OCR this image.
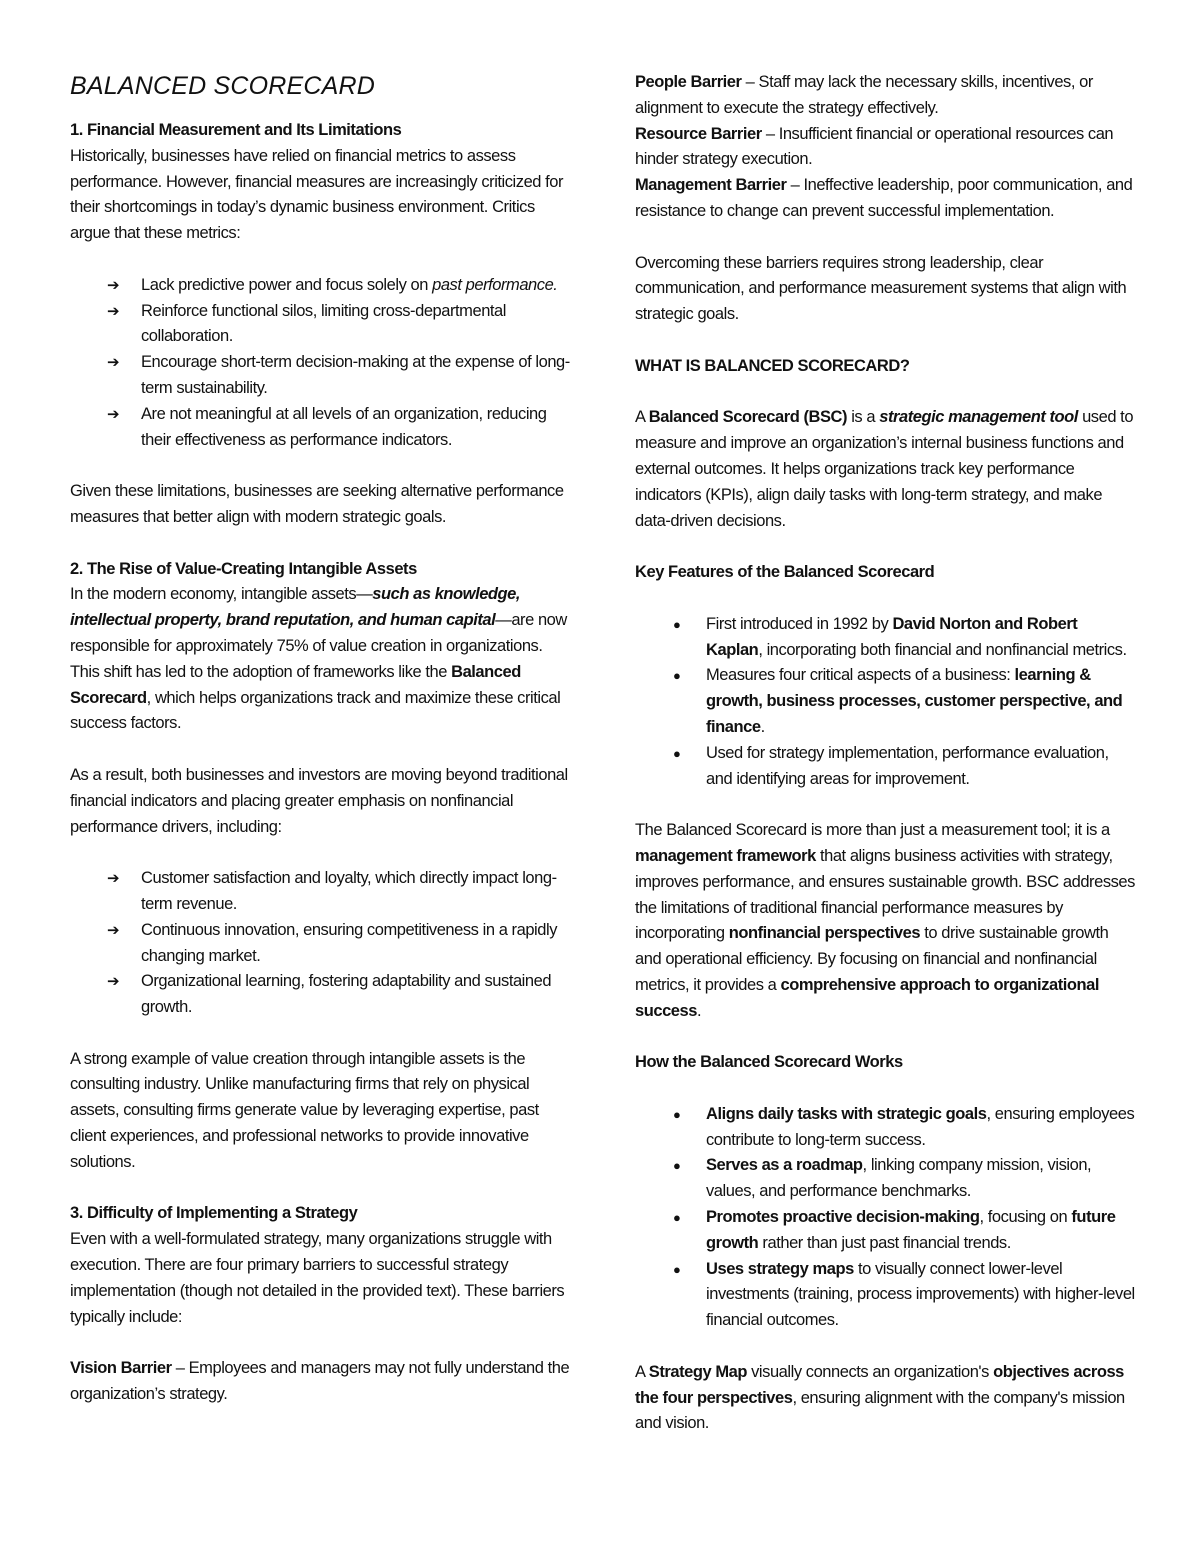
BALANCED SCORECARD

1. Financial Measurement and Its Limitations

Historically, businesses have relied on financial metrics to assess performance. However, financial measures are increasingly criticized for their shortcomings in today’s dynamic business environment. Critics argue that these metrics:

➔ Lack predictive power and focus solely on past performance.
➔ Reinforce functional silos, limiting cross-departmental collaboration.
➔ Encourage short-term decision-making at the expense of long-term sustainability.
➔ Are not meaningful at all levels of an organization, reducing their effectiveness as performance indicators.

Given these limitations, businesses are seeking alternative performance measures that better align with modern strategic goals.

2. The Rise of Value-Creating Intangible Assets

In the modern economy, intangible assets—such as knowledge, intellectual property, brand reputation, and human capital—are now responsible for approximately 75% of value creation in organizations. This shift has led to the adoption of frameworks like the Balanced Scorecard, which helps organizations track and maximize these critical success factors.

As a result, both businesses and investors are moving beyond traditional financial indicators and placing greater emphasis on nonfinancial performance drivers, including:

➔ Customer satisfaction and loyalty, which directly impact long-term revenue.
➔ Continuous innovation, ensuring competitiveness in a rapidly changing market.
➔ Organizational learning, fostering adaptability and sustained growth.

A strong example of value creation through intangible assets is the consulting industry. Unlike manufacturing firms that rely on physical assets, consulting firms generate value by leveraging expertise, past client experiences, and professional networks to provide innovative solutions.

3. Difficulty of Implementing a Strategy

Even with a well-formulated strategy, many organizations struggle with execution. There are four primary barriers to successful strategy implementation (though not detailed in the provided text). These barriers typically include:

Vision Barrier – Employees and managers may not fully understand the organization’s strategy.

People Barrier – Staff may lack the necessary skills, incentives, or alignment to execute the strategy effectively.

Resource Barrier – Insufficient financial or operational resources can hinder strategy execution.

Management Barrier – Ineffective leadership, poor communication, and resistance to change can prevent successful implementation.

Overcoming these barriers requires strong leadership, clear communication, and performance measurement systems that align with strategic goals.

WHAT IS BALANCED SCORECARD?

A Balanced Scorecard (BSC) is a strategic management tool used to measure and improve an organization’s internal business functions and external outcomes. It helps organizations track key performance indicators (KPIs), align daily tasks with long-term strategy, and make data-driven decisions.

Key Features of the Balanced Scorecard

● First introduced in 1992 by David Norton and Robert Kaplan, incorporating both financial and nonfinancial metrics.
● Measures four critical aspects of a business: learning & growth, business processes, customer perspective, and finance.
● Used for strategy implementation, performance evaluation, and identifying areas for improvement.

The Balanced Scorecard is more than just a measurement tool; it is a management framework that aligns business activities with strategy, improves performance, and ensures sustainable growth. BSC addresses the limitations of traditional financial performance measures by incorporating nonfinancial perspectives to drive sustainable growth and operational efficiency. By focusing on financial and nonfinancial metrics, it provides a comprehensive approach to organizational success.

How the Balanced Scorecard Works

● Aligns daily tasks with strategic goals, ensuring employees contribute to long-term success.
● Serves as a roadmap, linking company mission, vision, values, and performance benchmarks.
● Promotes proactive decision-making, focusing on future growth rather than just past financial trends.
● Uses strategy maps to visually connect lower-level investments (training, process improvements) with higher-level financial outcomes.

A Strategy Map visually connects an organization's objectives across the four perspectives, ensuring alignment with the company's mission and vision.
